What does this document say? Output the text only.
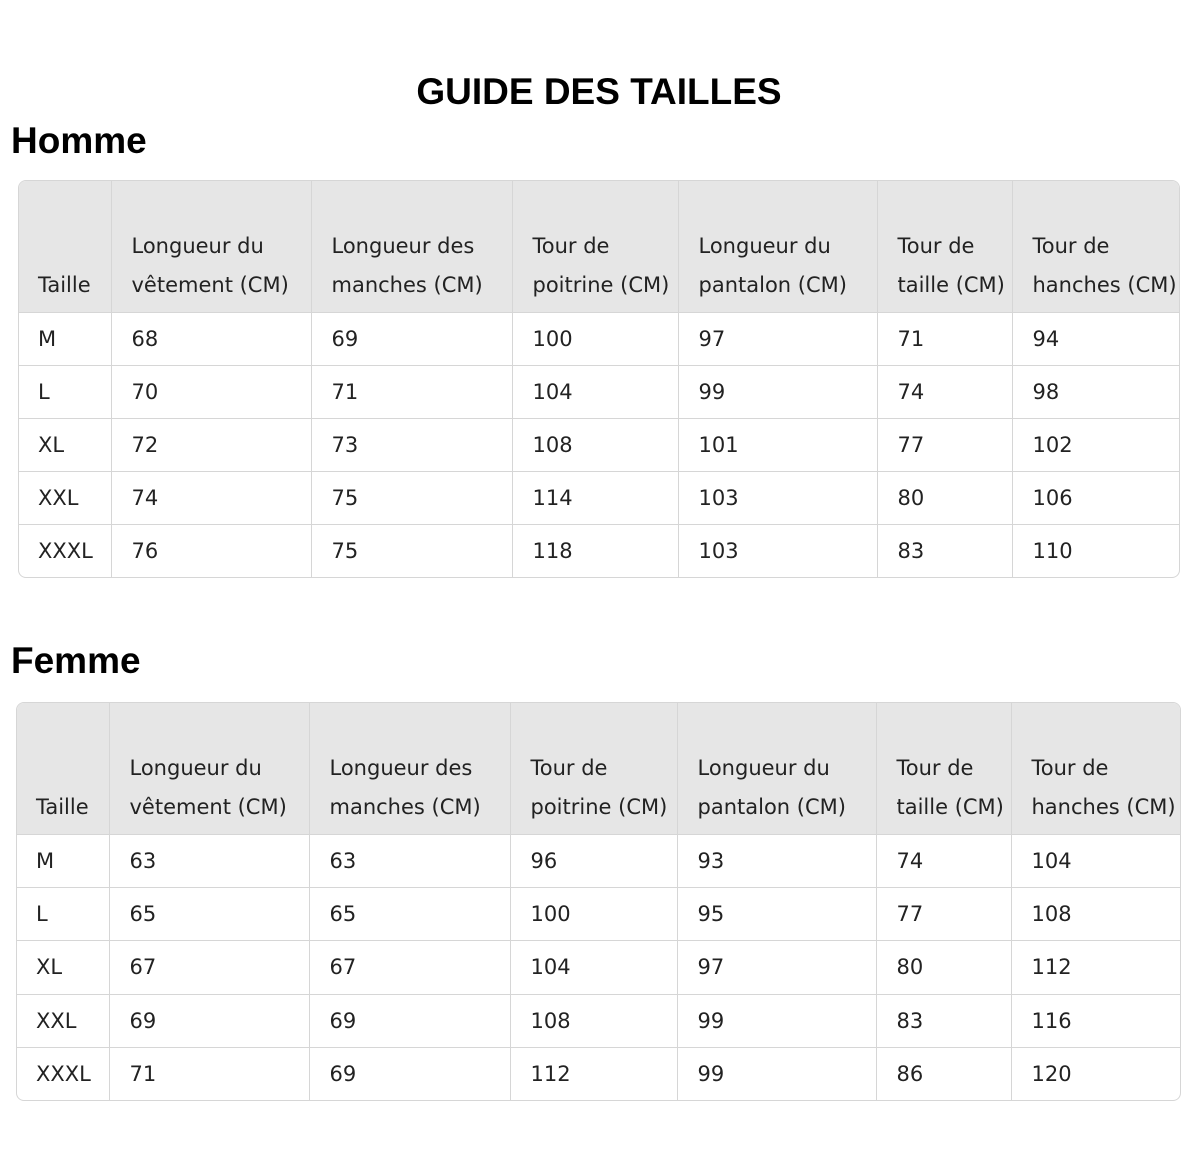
GUIDE DES TAILLES
Homme
Taille	Longueur du vêtement (CM)	Longueur des manches (CM)	Tour de poitrine (CM)	Longueur du pantalon (CM)	Tour de taille (CM)	Tour de hanches (CM)
M	68	69	100	97	71	94
L	70	71	104	99	74	98
XL	72	73	108	101	77	102
XXL	74	75	114	103	80	106
XXXL	76	75	118	103	83	110
Femme
Taille	Longueur du vêtement (CM)	Longueur des manches (CM)	Tour de poitrine (CM)	Longueur du pantalon (CM)	Tour de taille (CM)	Tour de hanches (CM)
M	63	63	96	93	74	104
L	65	65	100	95	77	108
XL	67	67	104	97	80	112
XXL	69	69	108	99	83	116
XXXL	71	69	112	99	86	120
